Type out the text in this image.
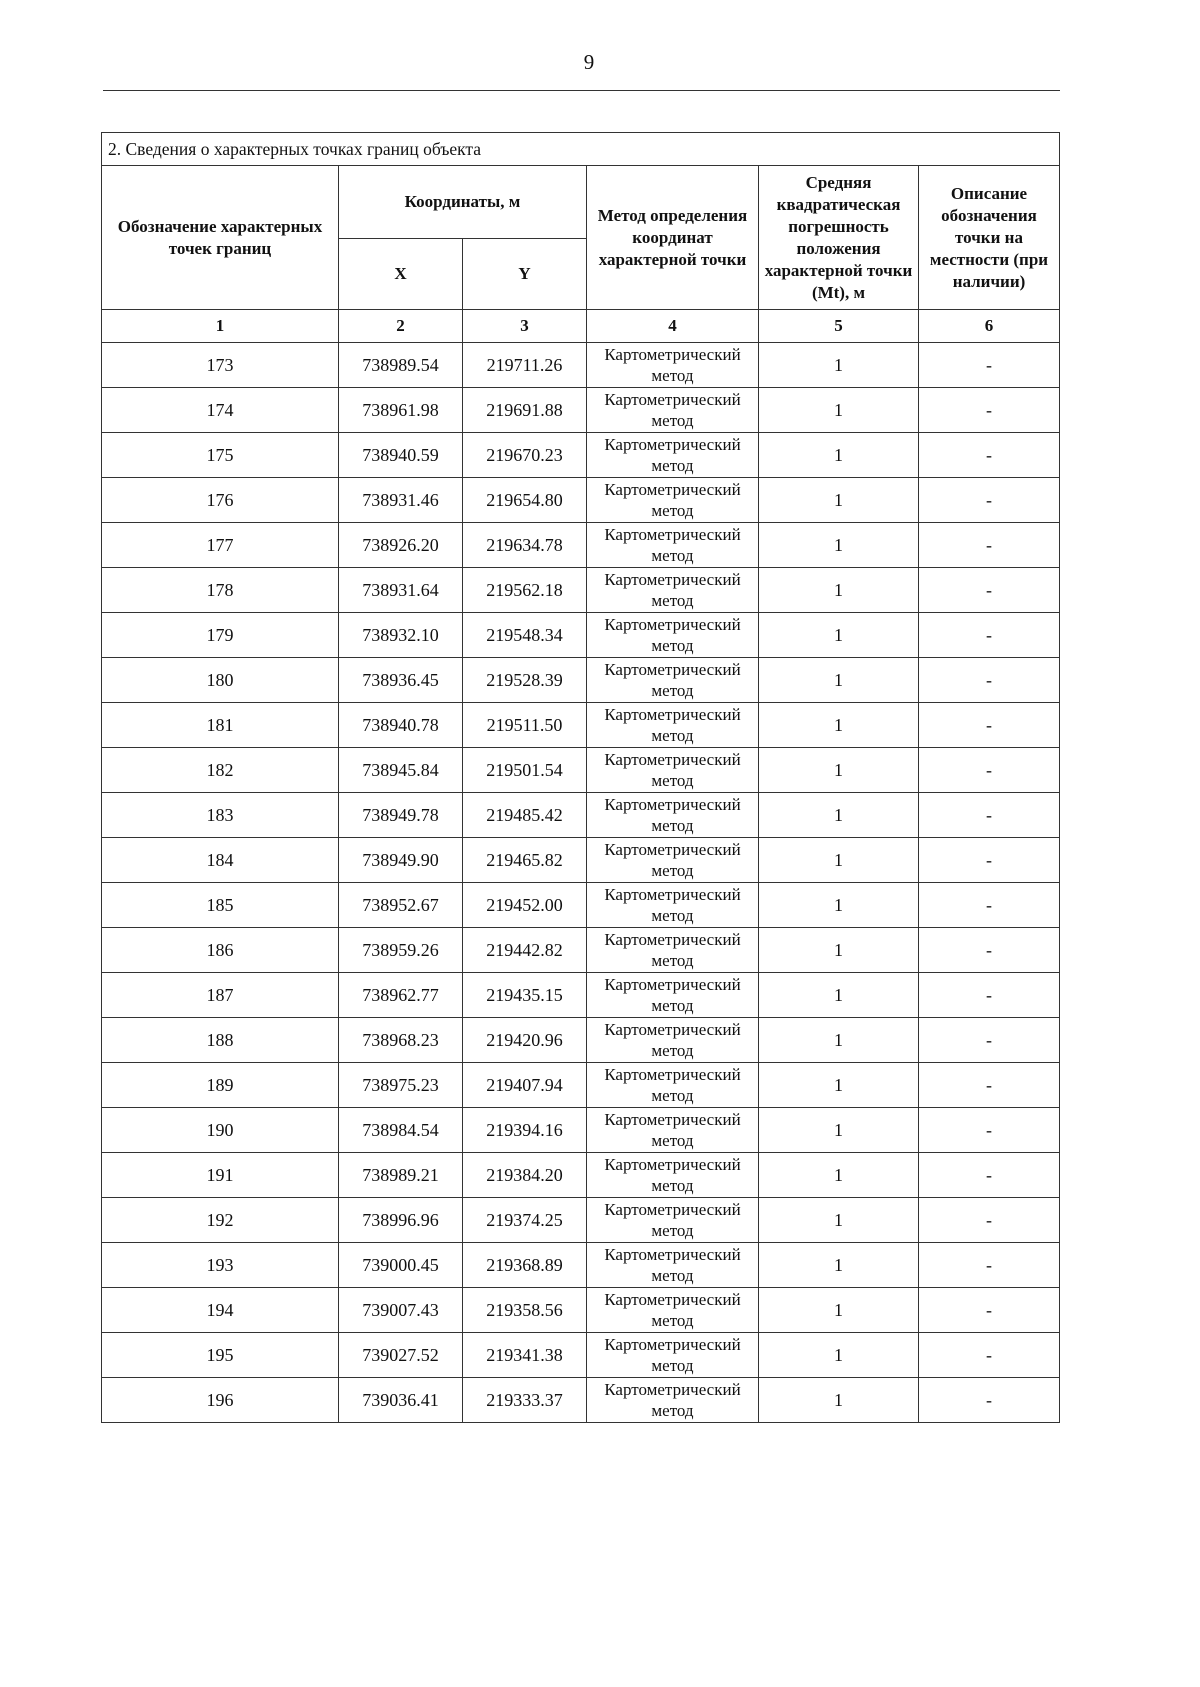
9
2. Сведения о характерных точках границ объекта					
Обозначение характерных точек границ	Координаты, м		Метод определения координат характерной точки	Средняя квадратическая погрешность положения характерной точки (Mt), м	Описание обозначения точки на местности (при наличии)
	X	Y			
1	2	3	4	5	6
173	738989.54	219711.26	Картометрический метод	1	-
174	738961.98	219691.88	Картометрический метод	1	-
175	738940.59	219670.23	Картометрический метод	1	-
176	738931.46	219654.80	Картометрический метод	1	-
177	738926.20	219634.78	Картометрический метод	1	-
178	738931.64	219562.18	Картометрический метод	1	-
179	738932.10	219548.34	Картометрический метод	1	-
180	738936.45	219528.39	Картометрический метод	1	-
181	738940.78	219511.50	Картометрический метод	1	-
182	738945.84	219501.54	Картометрический метод	1	-
183	738949.78	219485.42	Картометрический метод	1	-
184	738949.90	219465.82	Картометрический метод	1	-
185	738952.67	219452.00	Картометрический метод	1	-
186	738959.26	219442.82	Картометрический метод	1	-
187	738962.77	219435.15	Картометрический метод	1	-
188	738968.23	219420.96	Картометрический метод	1	-
189	738975.23	219407.94	Картометрический метод	1	-
190	738984.54	219394.16	Картометрический метод	1	-
191	738989.21	219384.20	Картометрический метод	1	-
192	738996.96	219374.25	Картометрический метод	1	-
193	739000.45	219368.89	Картометрический метод	1	-
194	739007.43	219358.56	Картометрический метод	1	-
195	739027.52	219341.38	Картометрический метод	1	-
196	739036.41	219333.37	Картометрический метод	1	-
